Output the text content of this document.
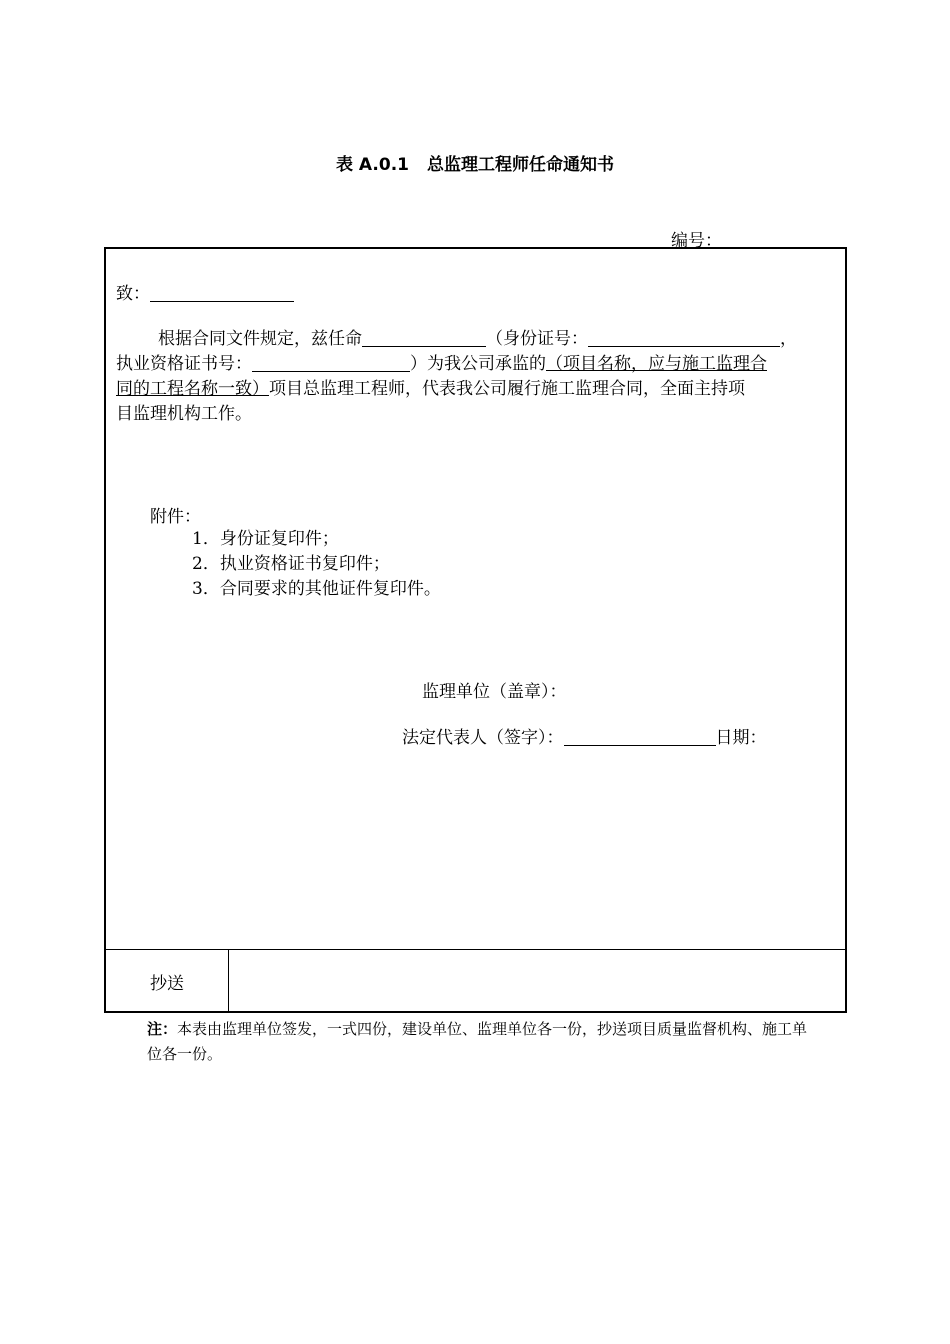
表 A.0.1 总监理工程师任命通知书
编号：
致：
根据合同文件规定，兹任命	（身份证号：	，
执业资格证书号：	）为我公司承监的（项目名称，应与施工监理合
同的工程名称一致）项目总监理工程师，代表我公司履行施工监理合同，全面主持项
目监理机构工作。
附件：
1．身份证复印件；
2．执业资格证书复印件；
3．合同要求的其他证件复印件。
监理单位（盖章）：
法定代表人（签字）：	日期：
抄送
注：本表由监理单位签发，一式四份，建设单位、监理单位各一份，抄送项目质量监督机构、施工单位各一份。
